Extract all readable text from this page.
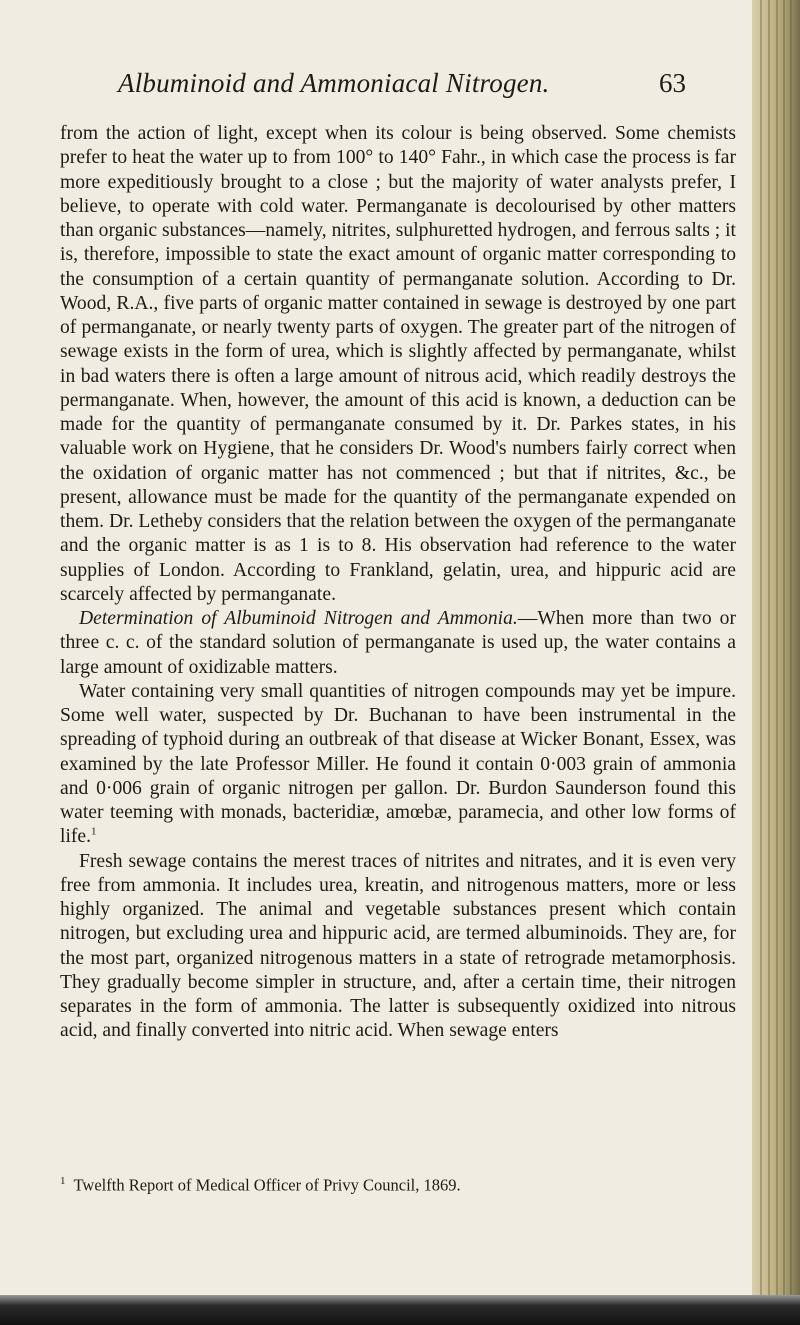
Albuminoid and Ammoniacal Nitrogen.	63

from the action of light, except when its colour is being observed. Some chemists prefer to heat the water up to from 100° to 140° Fahr., in which case the process is far more expeditiously brought to a close ; but the majority of water analysts prefer, I believe, to operate with cold water. Permanganate is decolourised by other matters than organic substances—namely, nitrites, sulphuretted hydrogen, and ferrous salts ; it is, therefore, impossible to state the exact amount of organic matter corresponding to the consumption of a certain quantity of permanganate solution. According to Dr. Wood, R.A., five parts of organic matter contained in sewage is destroyed by one part of permanganate, or nearly twenty parts of oxygen. The greater part of the nitrogen of sewage exists in the form of urea, which is slightly affected by permanganate, whilst in bad waters there is often a large amount of nitrous acid, which readily destroys the permanganate. When, however, the amount of this acid is known, a deduction can be made for the quantity of permanganate consumed by it. Dr. Parkes states, in his valuable work on Hygiene, that he considers Dr. Wood's numbers fairly correct when the oxidation of organic matter has not commenced ; but that if nitrites, &c., be present, allowance must be made for the quantity of the permanganate expended on them. Dr. Letheby considers that the relation between the oxygen of the permanganate and the organic matter is as 1 is to 8. His observation had reference to the water supplies of London. According to Frankland, gelatin, urea, and hippuric acid are scarcely affected by permanganate.

Determination of Albuminoid Nitrogen and Ammonia.—When more than two or three c. c. of the standard solution of permanganate is used up, the water contains a large amount of oxidizable matters.

Water containing very small quantities of nitrogen compounds may yet be impure. Some well water, suspected by Dr. Buchanan to have been instrumental in the spreading of typhoid during an outbreak of that disease at Wicker Bonant, Essex, was examined by the late Professor Miller. He found it contain 0·003 grain of ammonia and 0·006 grain of organic nitrogen per gallon. Dr. Burdon Saunderson found this water teeming with monads, bacteridiæ, amœbæ, paramecia, and other low forms of life.$^1$

Fresh sewage contains the merest traces of nitrites and nitrates, and it is even very free from ammonia. It includes urea, kreatin, and nitrogenous matters, more or less highly organized. The animal and vegetable substances present which contain nitrogen, but excluding urea and hippuric acid, are termed albuminoids. They are, for the most part, organized nitrogenous matters in a state of retrograde metamorphosis. They gradually become simpler in structure, and, after a certain time, their nitrogen separates in the form of ammonia. The latter is subsequently oxidized into nitrous acid, and finally converted into nitric acid. When sewage enters

$^1$ Twelfth Report of Medical Officer of Privy Council, 1869.
